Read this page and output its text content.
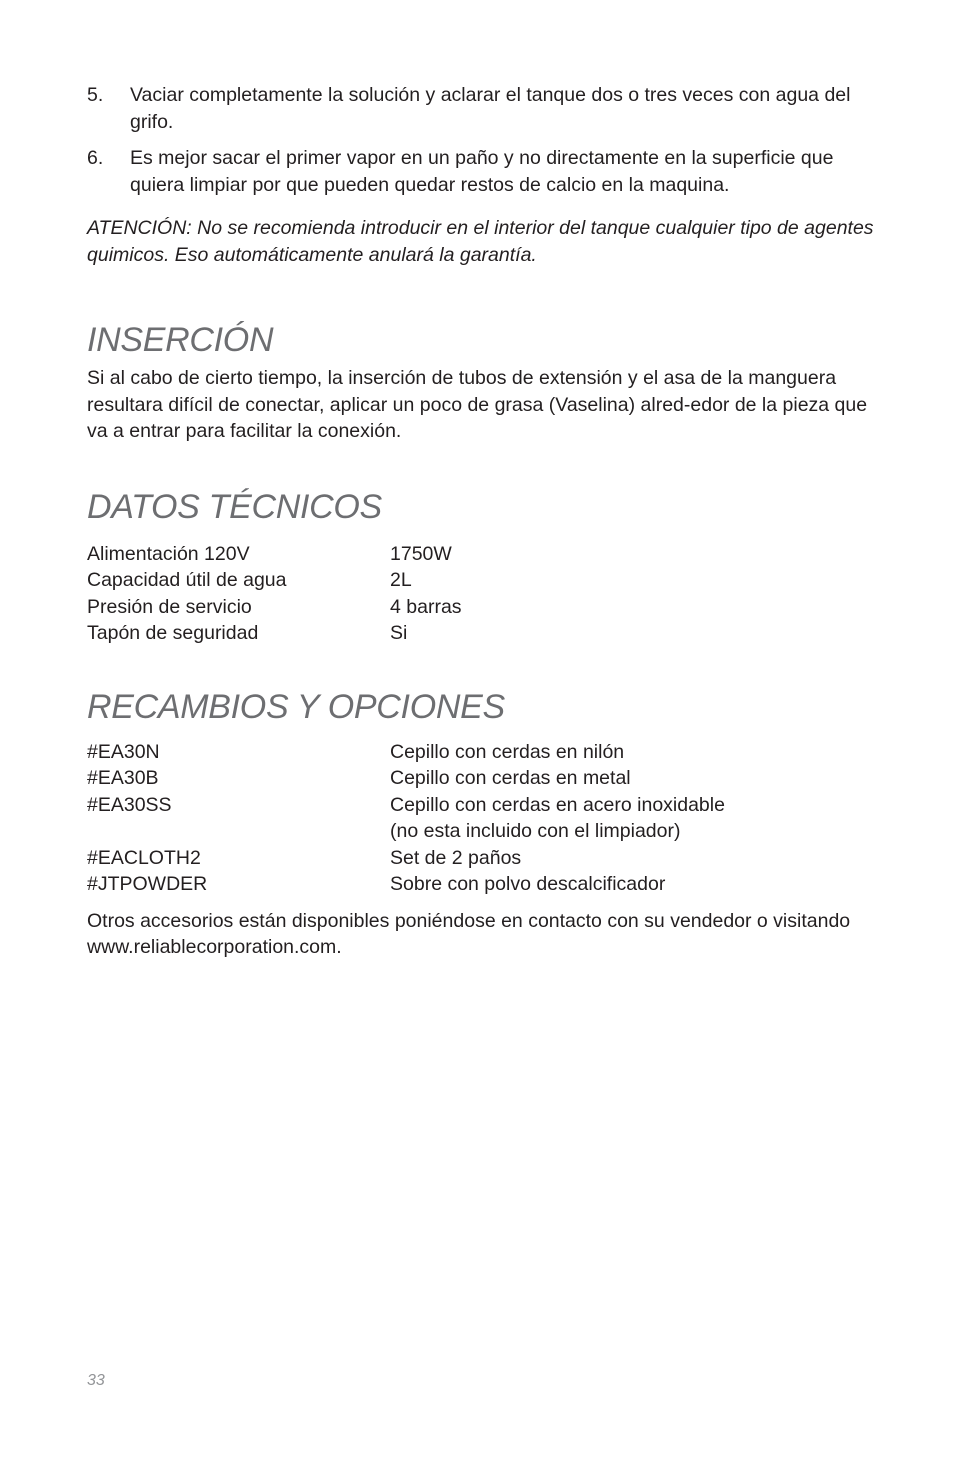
5. Vaciar completamente la solución y aclarar el tanque dos o tres veces con agua del grifo.
6. Es mejor sacar el primer vapor en un paño y no directamente en la superficie que quiera limpiar por que pueden quedar restos de calcio en la maquina.
ATENCIÓN: No se recomienda introducir en el interior del tanque cualquier tipo de agentes quimicos. Eso automáticamente anulará la garantía.
INSERCIÓN
Si al cabo de cierto tiempo, la inserción de tubos de extensión y el asa de la manguera resultara difícil de conectar, aplicar un poco de grasa (Vaselina) alred-edor de la pieza que va a entrar para facilitar la conexión.
DATOS TÉCNICOS
Alimentación 120V	1750W
Capacidad útil de agua	2L
Presión de servicio	4 barras
Tapón de seguridad	Si
RECAMBIOS Y OPCIONES
#EA30N	Cepillo con cerdas en nilón
#EA30B	Cepillo con cerdas en metal
#EA30SS	Cepillo con cerdas en acero inoxidable
(no esta incluido con el limpiador)
#EACLOTH2	Set de 2 paños
#JTPOWDER	Sobre con polvo descalcificador
Otros accesorios están disponibles poniéndose en contacto con su vendedor o visitando www.reliablecorporation.com.
33
